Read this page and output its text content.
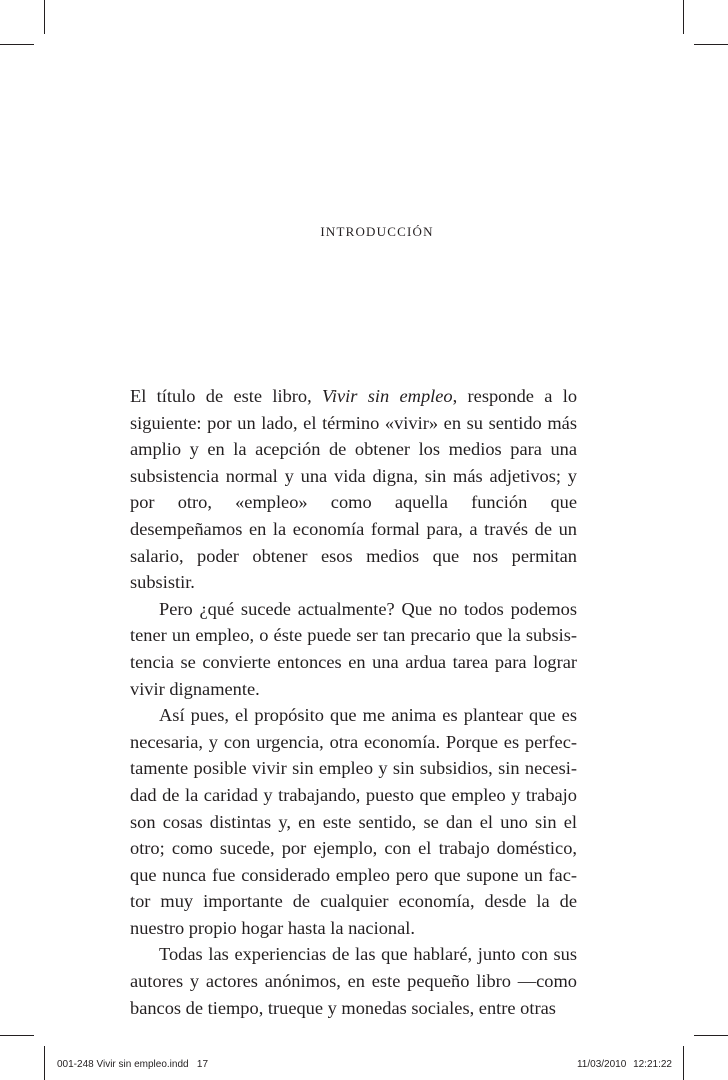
introducción

El título de este libro, Vivir sin empleo, responde a lo siguiente: por un lado, el término «vivir» en su sentido más amplio y en la acepción de obtener los medios para una subsistencia normal y una vida digna, sin más adjetivos; y por otro, «empleo» como aquella función que desempeñamos en la economía formal para, a través de un salario, poder obtener esos medios que nos permitan subsistir.

Pero ¿qué sucede actualmente? Que no todos podemos tener un empleo, o éste puede ser tan precario que la subsistencia se convierte entonces en una ardua tarea para lograr vivir dignamente.

Así pues, el propósito que me anima es plantear que es necesaria, y con urgencia, otra economía. Porque es perfectamente posible vivir sin empleo y sin subsidios, sin necesidad de la caridad y trabajando, puesto que empleo y trabajo son cosas distintas y, en este sentido, se dan el uno sin el otro; como sucede, por ejemplo, con el trabajo doméstico, que nunca fue considerado empleo pero que supone un factor muy importante de cualquier economía, desde la de nuestro propio hogar hasta la nacional.

Todas las experiencias de las que hablaré, junto con sus autores y actores anónimos, en este pequeño libro —como bancos de tiempo, trueque y monedas sociales, entre otras

001-248 Vivir sin empleo.indd   17	11/03/2010 12:21:22
